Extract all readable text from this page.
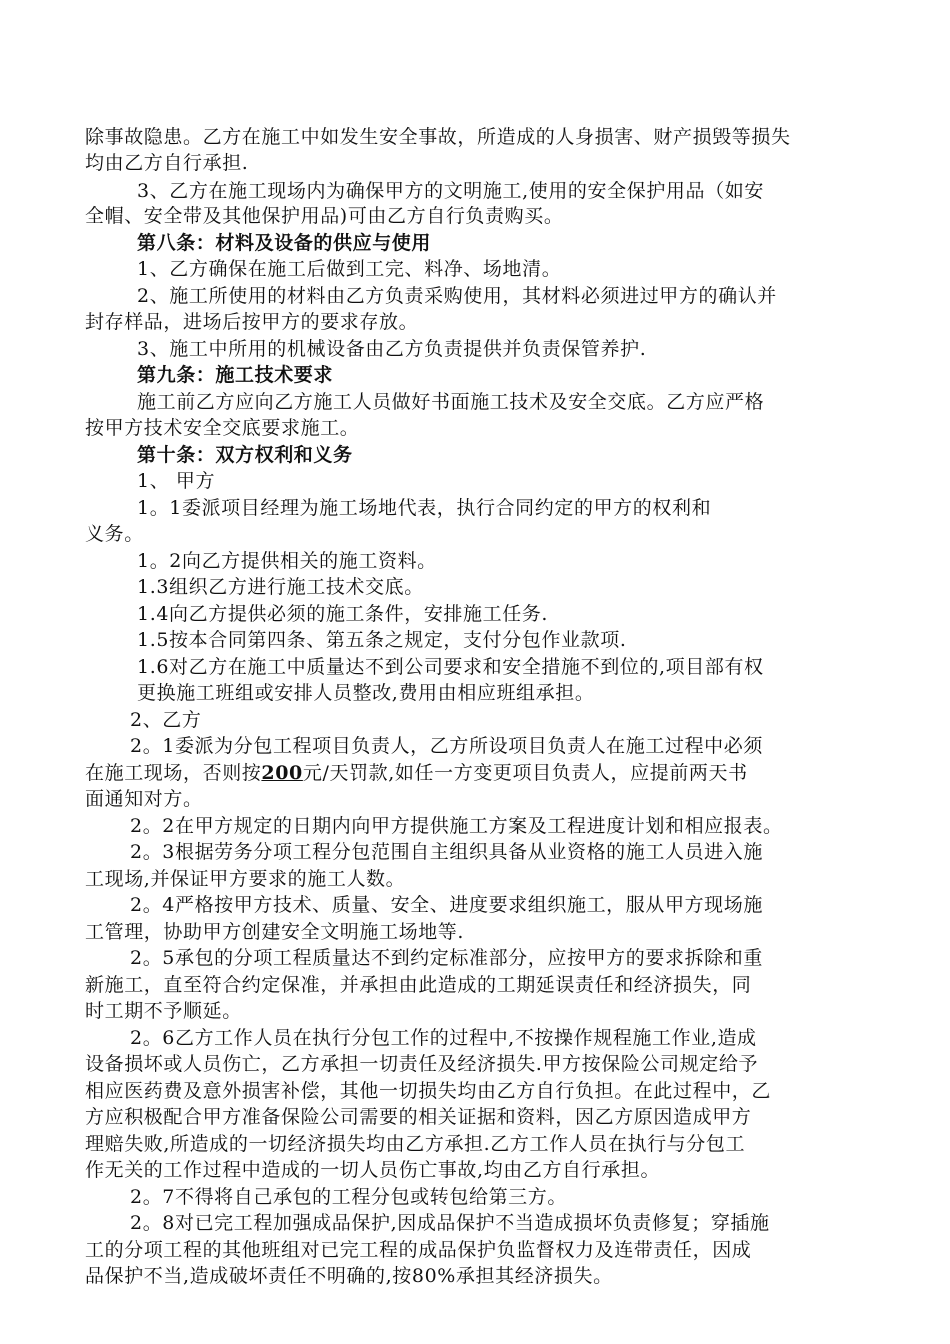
除事故隐患。乙方在施工中如发生安全事故，所造成的人身损害、财产损毁等损失
均由乙方自行承担.
3、乙方在施工现场内为确保甲方的文明施工,使用的安全保护用品（如安
全帽、安全带及其他保护用品)可由乙方自行负责购买。
第八条：材料及设备的供应与使用
1、乙方确保在施工后做到工完、料净、场地清。
2、施工所使用的材料由乙方负责采购使用，其材料必须进过甲方的确认并
封存样品，进场后按甲方的要求存放。
3、施工中所用的机械设备由乙方负责提供并负责保管养护.
第九条：施工技术要求
施工前乙方应向乙方施工人员做好书面施工技术及安全交底。乙方应严格
按甲方技术安全交底要求施工。
第十条：双方权利和义务
1、 甲方
1。1委派项目经理为施工场地代表，执行合同约定的甲方的权利和
义务。
1。2向乙方提供相关的施工资料。
1.3组织乙方进行施工技术交底。
1.4向乙方提供必须的施工条件，安排施工任务.
1.5按本合同第四条、第五条之规定，支付分包作业款项.
1.6对乙方在施工中质量达不到公司要求和安全措施不到位的,项目部有权
更换施工班组或安排人员整改,费用由相应班组承担。
2、乙方
2。1委派为分包工程项目负责人，乙方所设项目负责人在施工过程中必须
在施工现场，否则按200元/天罚款,如任一方变更项目负责人，应提前两天书
面通知对方。
2。2在甲方规定的日期内向甲方提供施工方案及工程进度计划和相应报表。
2。3根据劳务分项工程分包范围自主组织具备从业资格的施工人员进入施
工现场,并保证甲方要求的施工人数。
2。4严格按甲方技术、质量、安全、进度要求组织施工，服从甲方现场施
工管理，协助甲方创建安全文明施工场地等.
2。5承包的分项工程质量达不到约定标准部分，应按甲方的要求拆除和重
新施工，直至符合约定保准，并承担由此造成的工期延误责任和经济损失，同
时工期不予顺延。
2。6乙方工作人员在执行分包工作的过程中,不按操作规程施工作业,造成
设备损坏或人员伤亡，乙方承担一切责任及经济损失.甲方按保险公司规定给予
相应医药费及意外损害补偿，其他一切损失均由乙方自行负担。在此过程中，乙
方应积极配合甲方准备保险公司需要的相关证据和资料，因乙方原因造成甲方
理赔失败,所造成的一切经济损失均由乙方承担.乙方工作人员在执行与分包工
作无关的工作过程中造成的一切人员伤亡事故,均由乙方自行承担。
2。7不得将自己承包的工程分包或转包给第三方。
2。8对已完工程加强成品保护,因成品保护不当造成损坏负责修复；穿插施
工的分项工程的其他班组对已完工程的成品保护负监督权力及连带责任，因成
品保护不当,造成破坏责任不明确的,按80%承担其经济损失。
